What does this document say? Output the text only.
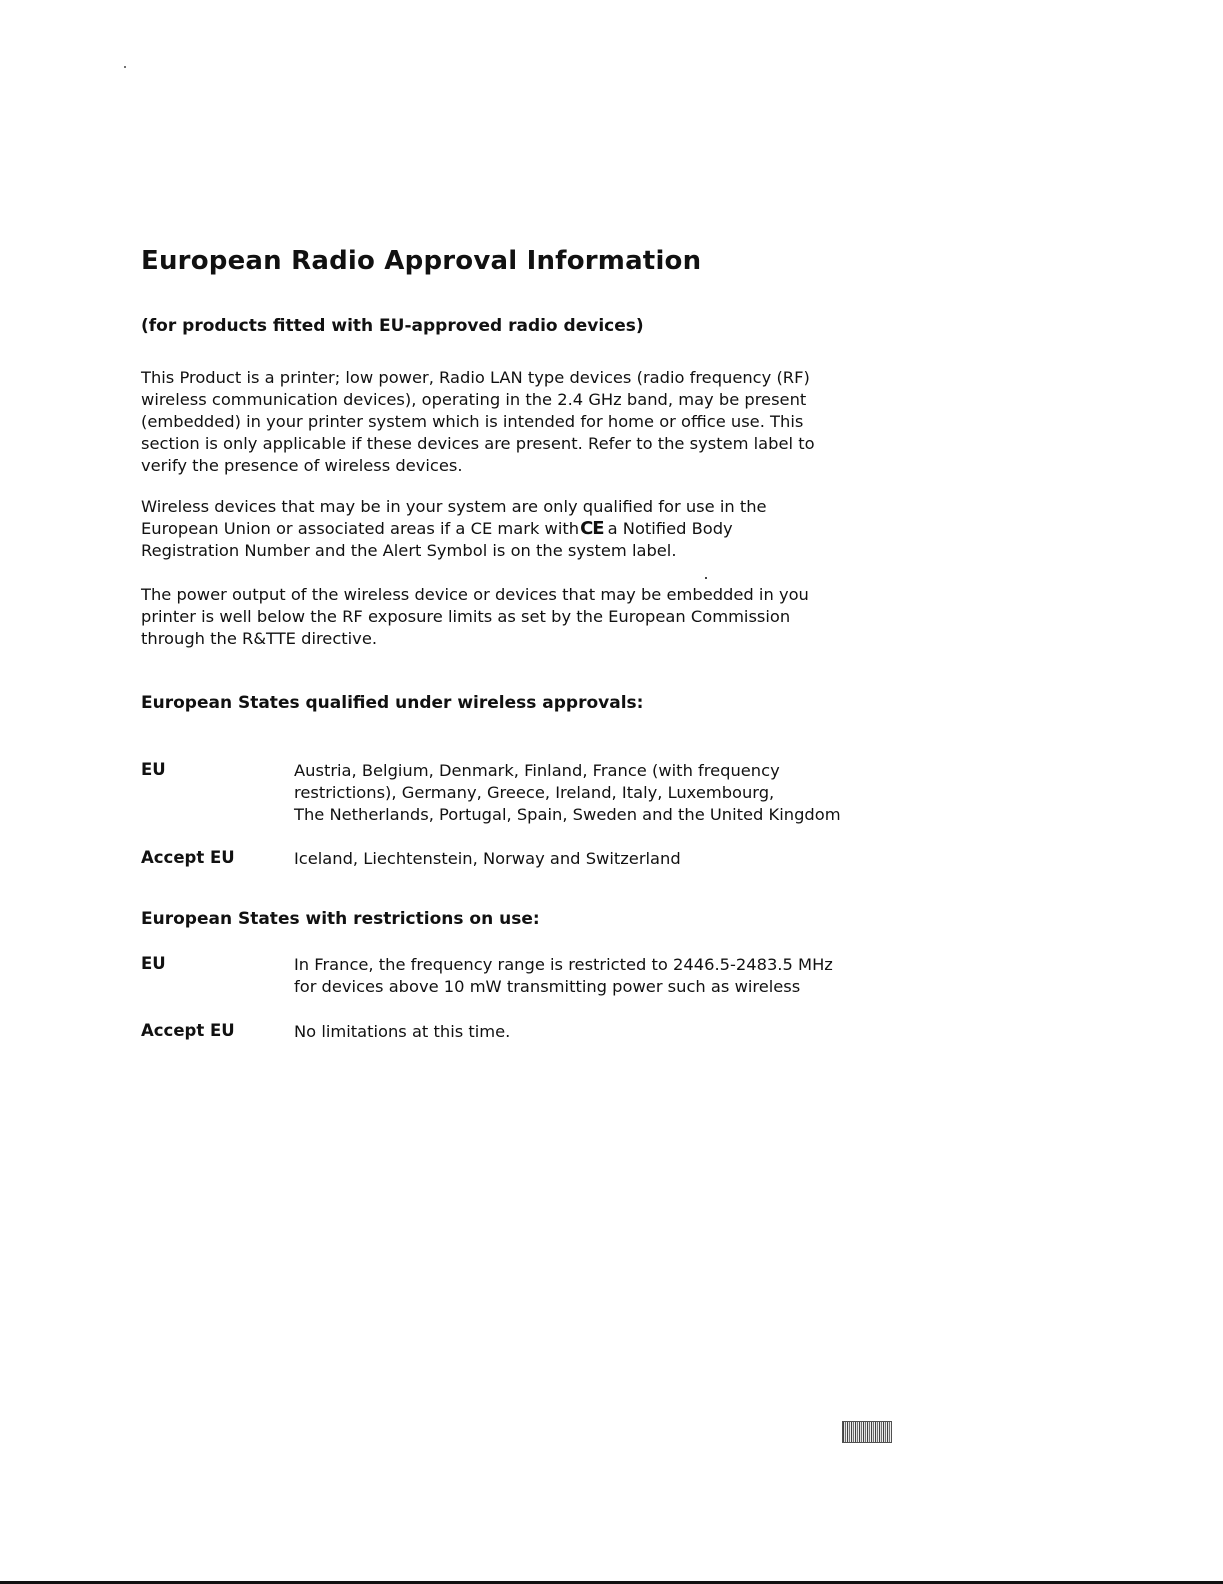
European Radio Approval Information
(for products fitted with EU-approved radio devices)

This Product is a printer; low power, Radio LAN type devices (radio frequency (RF)
wireless communication devices), operating in the 2.4 GHz band, may be present
(embedded) in your printer system which is intended for home or office use. This
section is only applicable if these devices are present. Refer to the system label to
verify the presence of wireless devices.

Wireless devices that may be in your system are only qualified for use in the
European Union or associated areas if a CE mark withCE a Notified Body
Registration Number and the Alert Symbol is on the system label.

The power output of the wireless device or devices that may be embedded in you
printer is well below the RF exposure limits as set by the European Commission
through the R&TTE directive.

European States qualified under wireless approvals:
EU	Austria, Belgium, Denmark, Finland, France (with frequency
restrictions), Germany, Greece, Ireland, Italy, Luxembourg,
The Netherlands, Portugal, Spain, Sweden and the United Kingdom
Accept EU	Iceland, Liechtenstein, Norway and Switzerland
European States with restrictions on use:
EU	In France, the frequency range is restricted to 2446.5-2483.5 MHz
for devices above 10 mW transmitting power such as wireless
Accept EU	No limitations at this time.
